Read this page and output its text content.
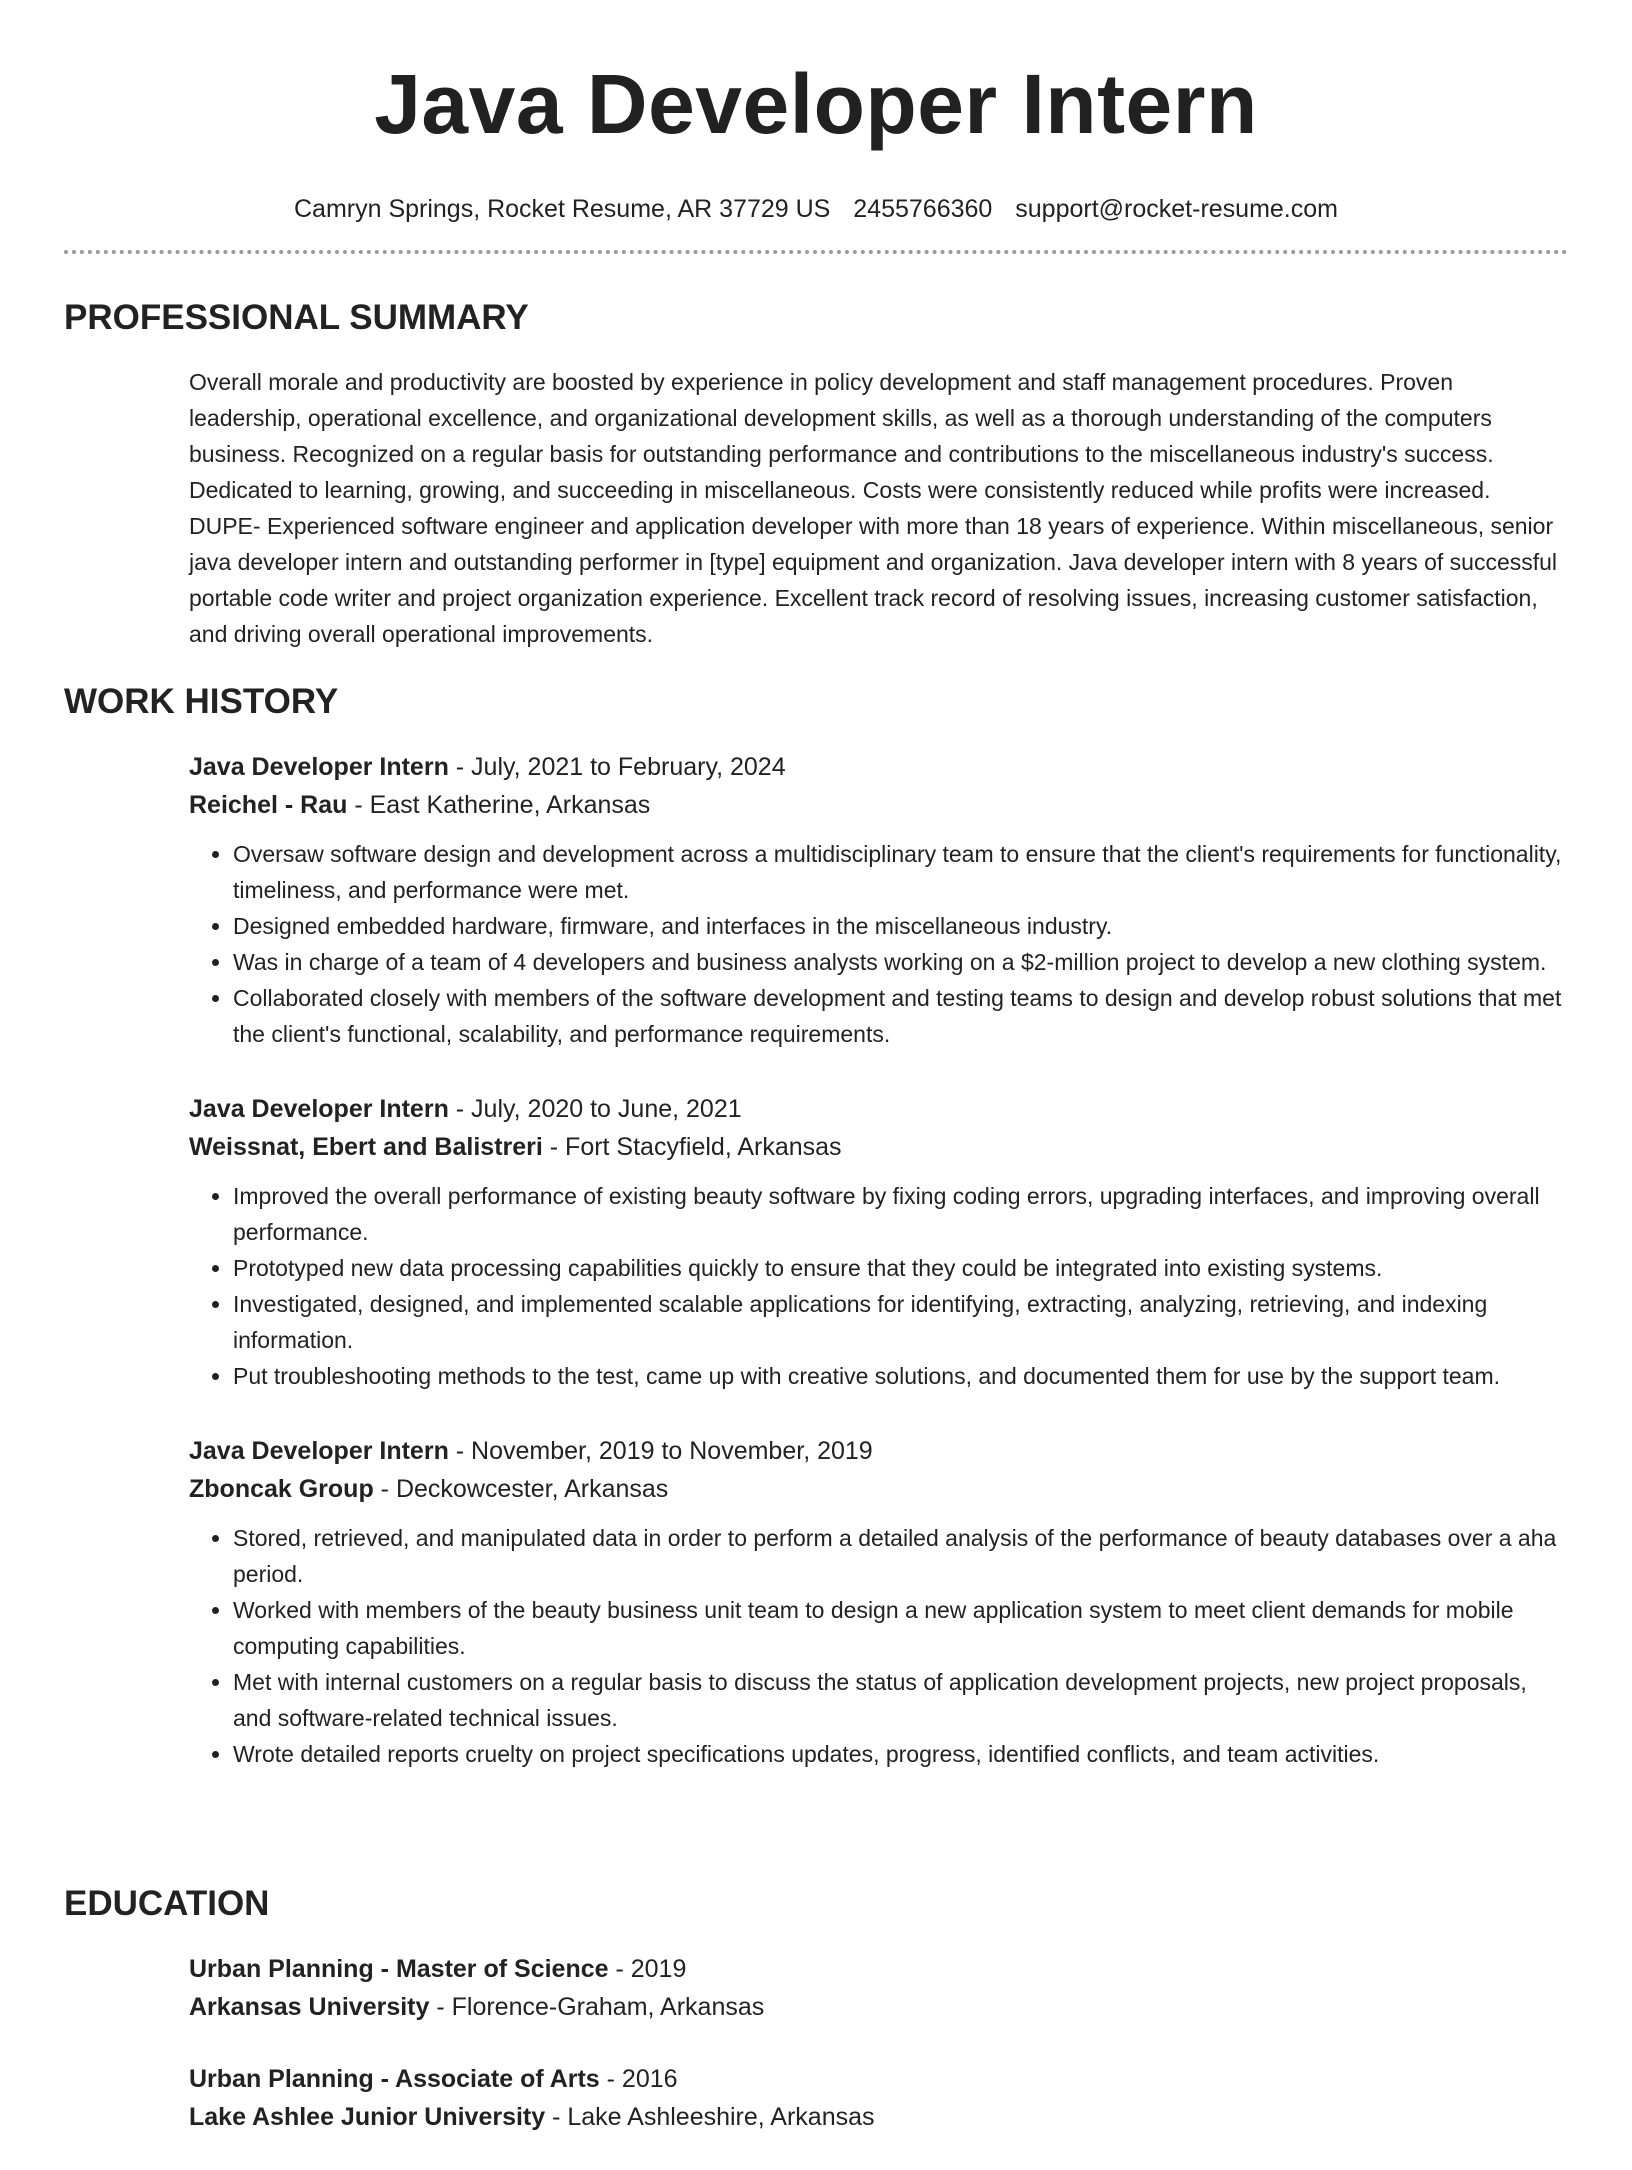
Java Developer Intern
Camryn Springs, Rocket Resume, AR 37729 US 2455766360 support@rocket-resume.com
PROFESSIONAL SUMMARY

Overall morale and productivity are boosted by experience in policy development and staff management procedures. Proven leadership, operational excellence, and organizational development skills, as well as a thorough understanding of the computers business. Recognized on a regular basis for outstanding performance and contributions to the miscellaneous industry's success. Dedicated to learning, growing, and succeeding in miscellaneous. Costs were consistently reduced while profits were increased. DUPE- Experienced software engineer and application developer with more than 18 years of experience. Within miscellaneous, senior java developer intern and outstanding performer in [type] equipment and organization. Java developer intern with 8 years of successful portable code writer and project organization experience. Excellent track record of resolving issues, increasing customer satisfaction, and driving overall operational improvements.

WORK HISTORY
Java Developer Intern - July, 2021 to February, 2024
Reichel - Rau - East Katherine, Arkansas
• Oversaw software design and development across a multidisciplinary team to ensure that the client's requirements for functionality, timeliness, and performance were met.
• Designed embedded hardware, firmware, and interfaces in the miscellaneous industry.
• Was in charge of a team of 4 developers and business analysts working on a $2-million project to develop a new clothing system.
• Collaborated closely with members of the software development and testing teams to design and develop robust solutions that met the client's functional, scalability, and performance requirements.
Java Developer Intern - July, 2020 to June, 2021
Weissnat, Ebert and Balistreri - Fort Stacyfield, Arkansas
• Improved the overall performance of existing beauty software by fixing coding errors, upgrading interfaces, and improving overall performance.
• Prototyped new data processing capabilities quickly to ensure that they could be integrated into existing systems.
• Investigated, designed, and implemented scalable applications for identifying, extracting, analyzing, retrieving, and indexing information.
• Put troubleshooting methods to the test, came up with creative solutions, and documented them for use by the support team.
Java Developer Intern - November, 2019 to November, 2019
Zboncak Group - Deckowcester, Arkansas
• Stored, retrieved, and manipulated data in order to perform a detailed analysis of the performance of beauty databases over a aha period.
• Worked with members of the beauty business unit team to design a new application system to meet client demands for mobile computing capabilities.
• Met with internal customers on a regular basis to discuss the status of application development projects, new project proposals, and software-related technical issues.
• Wrote detailed reports cruelty on project specifications updates, progress, identified conflicts, and team activities.
EDUCATION
Urban Planning - Master of Science - 2019
Arkansas University - Florence-Graham, Arkansas
Urban Planning - Associate of Arts - 2016
Lake Ashlee Junior University - Lake Ashleeshire, Arkansas
